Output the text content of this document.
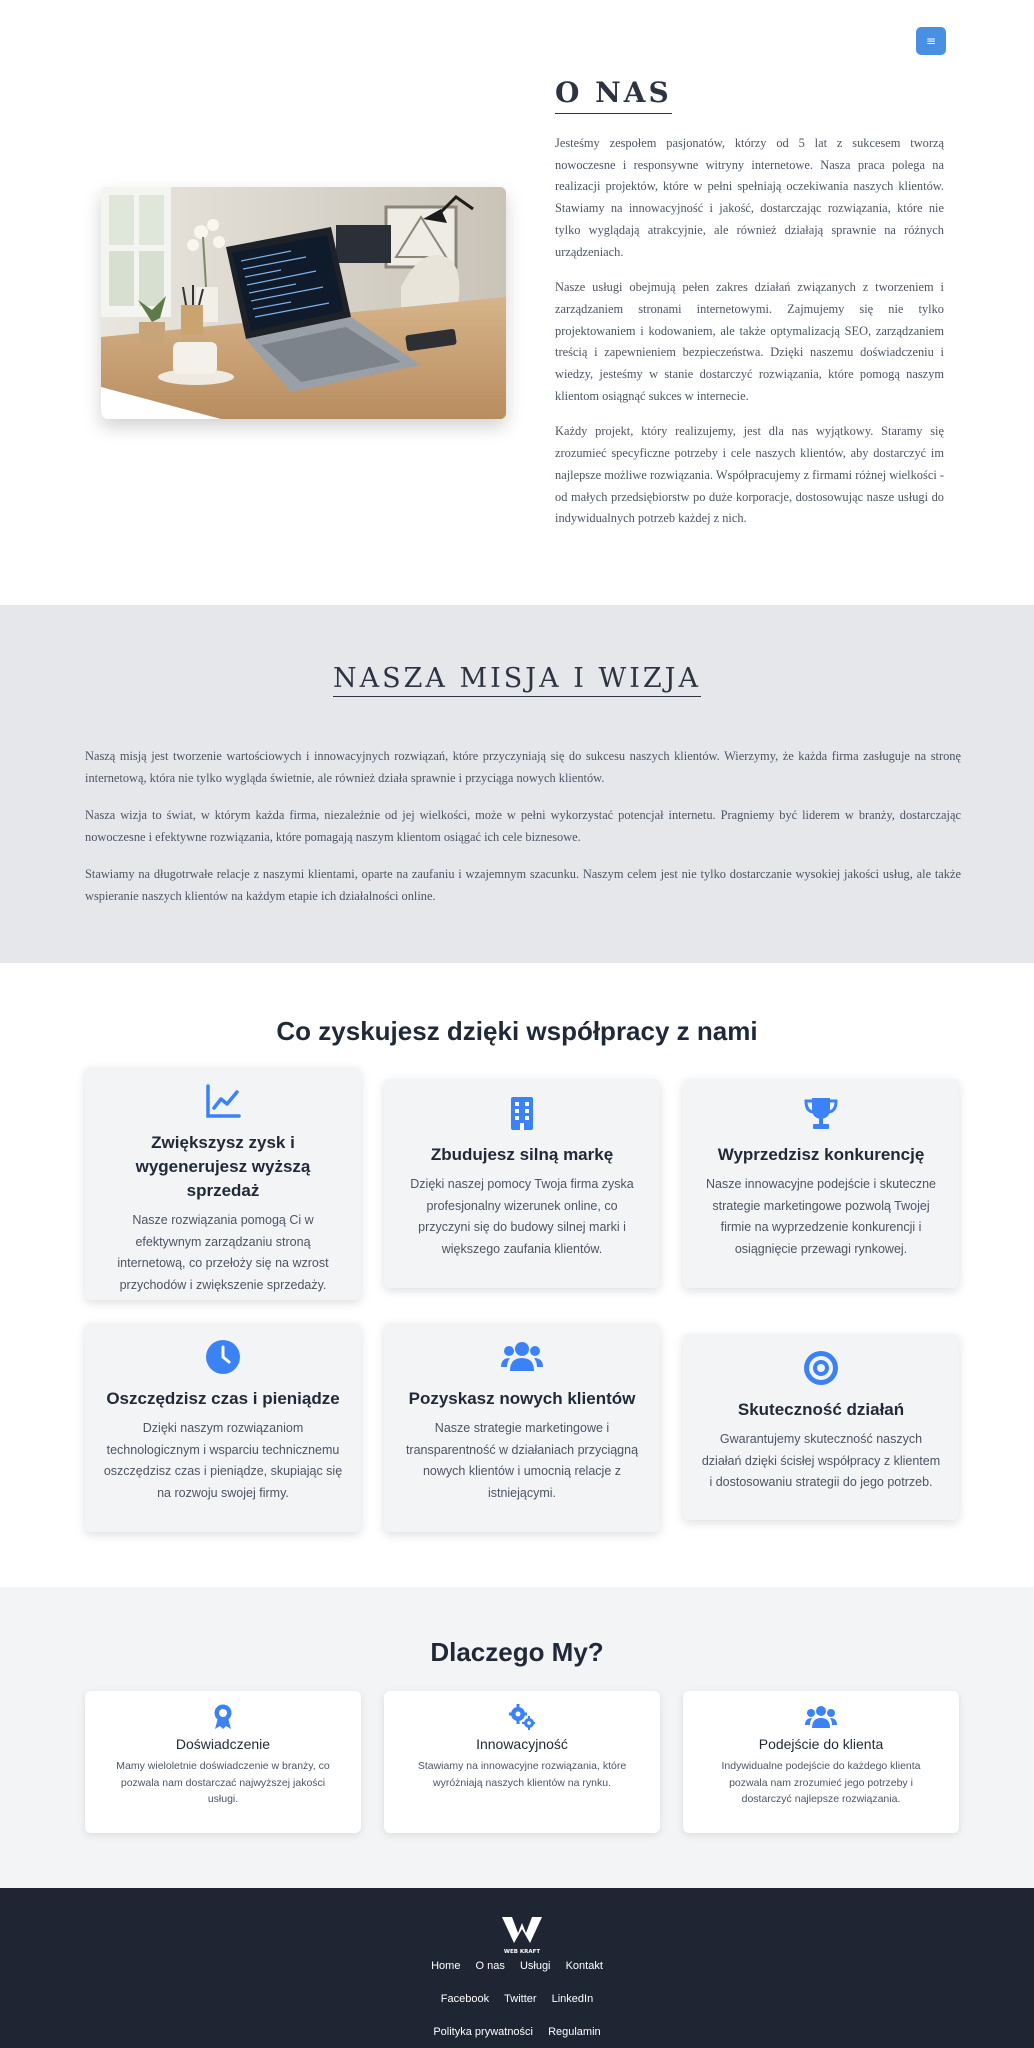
≡
O NAS

Jesteśmy zespołem pasjonatów, którzy od 5 lat z sukcesem tworzą nowoczesne i responsywne witryny internetowe. Nasza praca polega na realizacji projektów, które w pełni spełniają oczekiwania naszych klientów. Stawiamy na innowacyjność i jakość, dostarczając rozwiązania, które nie tylko wyglądają atrakcyjnie, ale również działają sprawnie na różnych urządzeniach.

Nasze usługi obejmują pełen zakres działań związanych z tworzeniem i zarządzaniem stronami internetowymi. Zajmujemy się nie tylko projektowaniem i kodowaniem, ale także optymalizacją SEO, zarządzaniem treścią i zapewnieniem bezpieczeństwa. Dzięki naszemu doświadczeniu i wiedzy, jesteśmy w stanie dostarczyć rozwiązania, które pomogą naszym klientom osiągnąć sukces w internecie.

Każdy projekt, który realizujemy, jest dla nas wyjątkowy. Staramy się zrozumieć specyficzne potrzeby i cele naszych klientów, aby dostarczyć im najlepsze możliwe rozwiązania. Współpracujemy z firmami różnej wielkości - od małych przedsiębiorstw po duże korporacje, dostosowując nasze usługi do indywidualnych potrzeb każdej z nich.

NASZA MISJA I WIZJA

Naszą misją jest tworzenie wartościowych i innowacyjnych rozwiązań, które przyczyniają się do sukcesu naszych klientów. Wierzymy, że każda firma zasługuje na stronę internetową, która nie tylko wygląda świetnie, ale również działa sprawnie i przyciąga nowych klientów.

Nasza wizja to świat, w którym każda firma, niezależnie od jej wielkości, może w pełni wykorzystać potencjał internetu. Pragniemy być liderem w branży, dostarczając nowoczesne i efektywne rozwiązania, które pomagają naszym klientom osiągać ich cele biznesowe.

Stawiamy na długotrwałe relacje z naszymi klientami, oparte na zaufaniu i wzajemnym szacunku. Naszym celem jest nie tylko dostarczanie wysokiej jakości usług, ale także wspieranie naszych klientów na każdym etapie ich działalności online.

Co zyskujesz dzięki współpracy z nami
Zwiększysz zysk i wygenerujesz wyższą sprzedaż

Nasze rozwiązania pomogą Ci w efektywnym zarządzaniu stroną internetową, co przełoży się na wzrost przychodów i zwiększenie sprzedaży.

Zbudujesz silną markę

Dzięki naszej pomocy Twoja firma zyska profesjonalny wizerunek online, co przyczyni się do budowy silnej marki i większego zaufania klientów.

Wyprzedzisz konkurencję

Nasze innowacyjne podejście i skuteczne strategie marketingowe pozwolą Twojej firmie na wyprzedzenie konkurencji i osiągnięcie przewagi rynkowej.

Oszczędzisz czas i pieniądze

Dzięki naszym rozwiązaniom technologicznym i wsparciu technicznemu oszczędzisz czas i pieniądze, skupiając się na rozwoju swojej firmy.

Pozyskasz nowych klientów

Nasze strategie marketingowe i transparentność w działaniach przyciągną nowych klientów i umocnią relacje z istniejącymi.

Skuteczność działań

Gwarantujemy skuteczność naszych działań dzięki ścisłej współpracy z klientem i dostosowaniu strategii do jego potrzeb.

Dlaczego My?
Doświadczenie

Mamy wieloletnie doświadczenie w branży, co pozwala nam dostarczać najwyższej jakości usługi.

Innowacyjność

Stawiamy na innowacyjne rozwiązania, które wyróżniają naszych klientów na rynku.

Podejście do klienta

Indywidualne podejście do każdego klienta pozwala nam zrozumieć jego potrzeby i dostarczyć najlepsze rozwiązania.

WEB KRAFT
Home O nas Usługi Kontakt
Facebook Twitter LinkedIn
Polityka prywatności Regulamin
